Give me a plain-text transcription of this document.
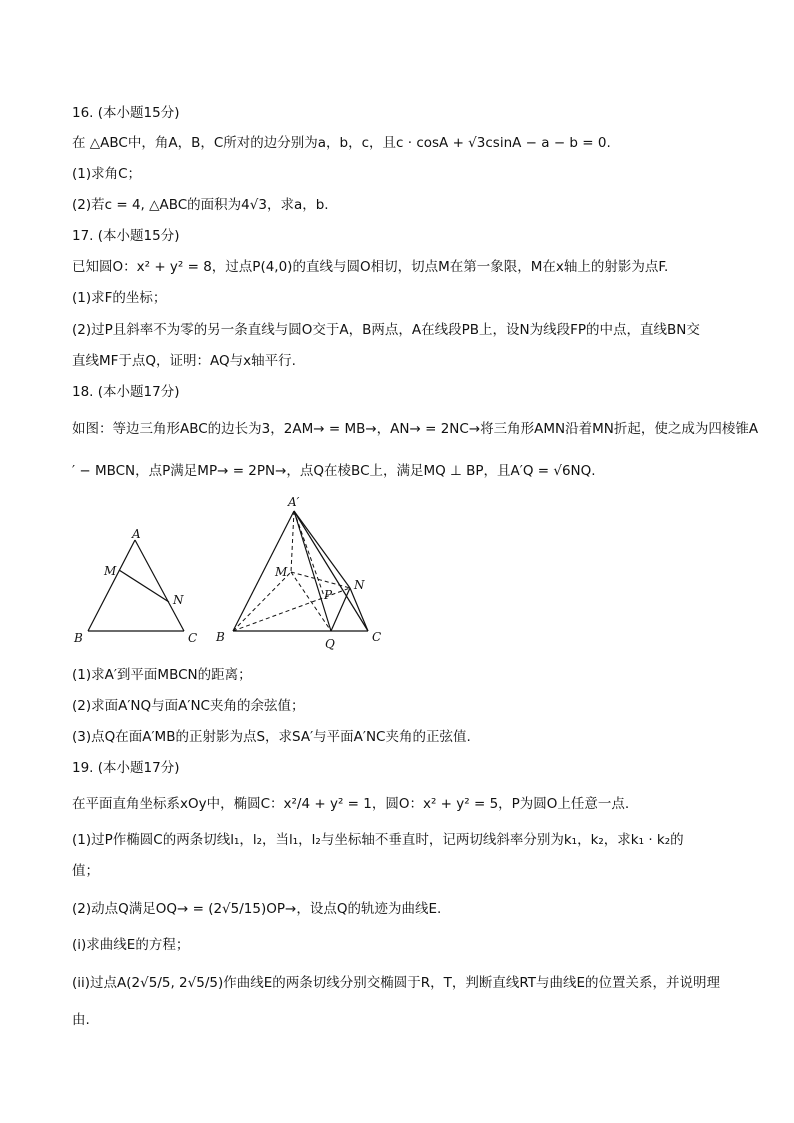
16. (本小题15分)
在 △ABC中，角A，B，C所对的边分别为a，b，c，且c · cosA + √3csinA − a − b = 0.
(1)求角C；
(2)若c = 4, △ABC的面积为4√3，求a，b.
17. (本小题15分)
已知圆O：x² + y² = 8，过点P(4,0)的直线与圆O相切，切点M在第一象限，M在x轴上的射影为点F.
(1)求F的坐标；
(2)过P且斜率不为零的另一条直线与圆O交于A，B两点，A在线段PB上，设N为线段FP的中点，直线BN交
直线MF于点Q，证明：AQ与x轴平行.
18. (本小题17分)
如图：等边三角形ABC的边长为3，2AM→ = MB→，AN→ = 2NC→将三角形AMN沿着MN折起，使之成为四棱锥A
′ − MBCN，点P满足MP→ = 2PN→，点Q在棱BC上，满足MQ ⊥ BP，且A′Q = √6NQ.
A
M
N
B	C
A′
M
N
P
B	C
Q
(1)求A′到平面MBCN的距离；
(2)求面A′NQ与面A′NC夹角的余弦值；
(3)点Q在面A′MB的正射影为点S，求SA′与平面A′NC夹角的正弦值.
19. (本小题17分)
在平面直角坐标系xOy中，椭圆C：x²/4 + y² = 1，圆O：x² + y² = 5，P为圆O上任意一点.
(1)过P作椭圆C的两条切线l₁，l₂，当l₁，l₂与坐标轴不垂直时，记两切线斜率分别为k₁，k₂，求k₁ · k₂的
值；
(2)动点Q满足OQ→ = (2√5/15)OP→，设点Q的轨迹为曲线E.
(i)求曲线E的方程；
(ii)过点A(2√5/5, 2√5/5)作曲线E的两条切线分别交椭圆于R，T，判断直线RT与曲线E的位置关系，并说明理
由.
